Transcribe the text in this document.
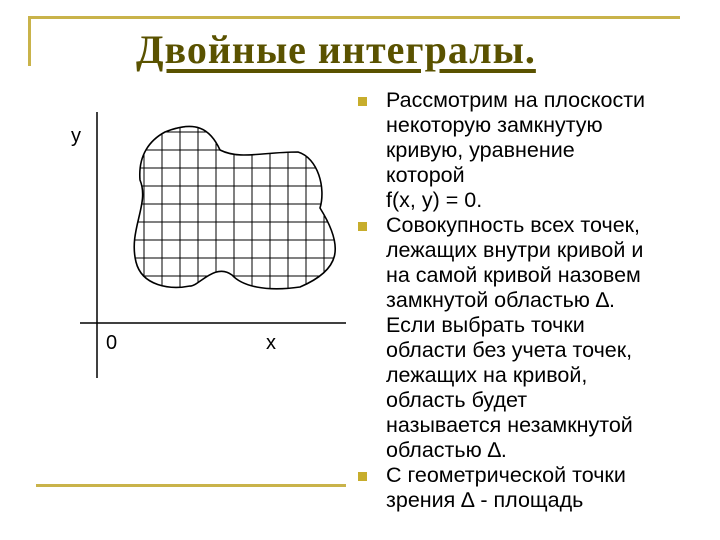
Двойные интегралы.
y
0	x
Рассмотрим на плоскости
некоторую замкнутую
кривую, уравнение
которой
f(x, y) = 0.
Совокупность всех точек,
лежащих внутри кривой и
на самой кривой назовем
замкнутой областью ∆.
Если выбрать точки
области без учета точек,
лежащих на кривой,
область будет
называется незамкнутой
областью ∆.
С геометрической точки
зрения ∆ - площадь
